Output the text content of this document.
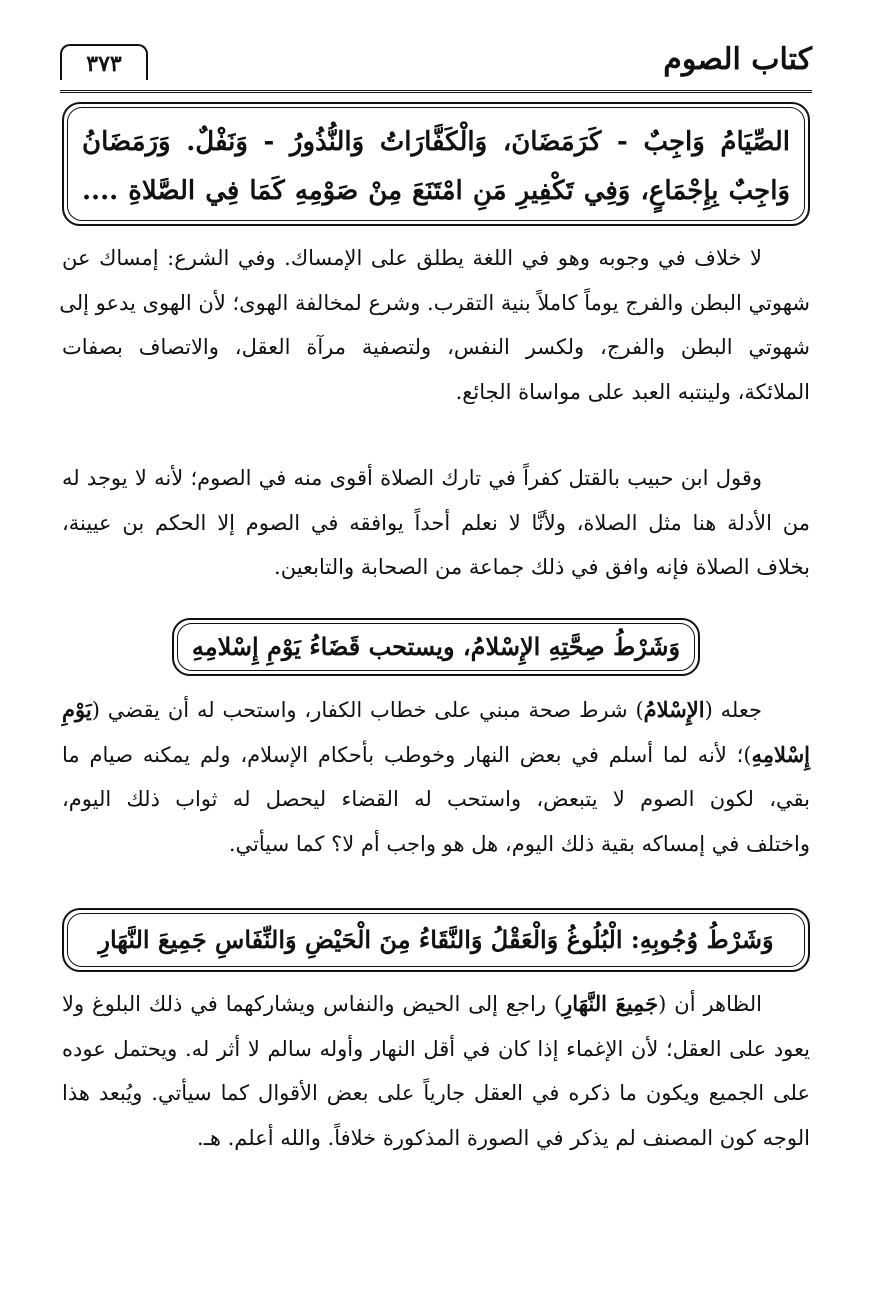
كتاب الصوم
٣٧٣
الصِّيَامُ وَاجِبٌ - كَرَمَضَانَ، وَالْكَفَّارَاتُ وَالنُّذُورُ - وَنَفْلٌ. وَرَمَضَانُ
وَاجِبٌ بِإِجْمَاعٍ، وَفِي تَكْفِيرِ مَنِ امْتَنَعَ مِنْ صَوْمِهِ كَمَا فِي الصَّلاةِ ....
لا خلاف في وجوبه وهو في اللغة يطلق على الإمساك. وفي الشرع: إمساك عن
شهوتي البطن والفرج يوماً كاملاً بنية التقرب. وشرع لمخالفة الهوى؛ لأن الهوى يدعو إلى
شهوتي البطن والفرج، ولكسر النفس، ولتصفية مرآة العقل، والاتصاف بصفات
الملائكة، ولينتبه العبد على مواساة الجائع.
وقول ابن حبيب بالقتل كفراً في تارك الصلاة أقوى منه في الصوم؛ لأنه لا يوجد له
من الأدلة هنا مثل الصلاة، ولأنَّا لا نعلم أحداً يوافقه في الصوم إلا الحكم بن عيينة،
بخلاف الصلاة فإنه وافق في ذلك جماعة من الصحابة والتابعين.
وَشَرْطُ صِحَّتِهِ الإِسْلامُ، ويستحب قَضَاءُ يَوْمِ إِسْلامِهِ
جعله (الإِسْلامُ) شرط صحة مبني على خطاب الكفار، واستحب له أن يقضي (يَوْمِ
إِسْلامِهِ)؛ لأنه لما أسلم في بعض النهار وخوطب بأحكام الإسلام، ولم يمكنه صيام ما
بقي، لكون الصوم لا يتبعض، واستحب له القضاء ليحصل له ثواب ذلك اليوم،
واختلف في إمساكه بقية ذلك اليوم، هل هو واجب أم لا؟ كما سيأتي.
وَشَرْطُ وُجُوبِهِ: الْبُلُوغُ وَالْعَقْلُ وَالنَّقَاءُ مِنَ الْحَيْضِ وَالنِّفَاسِ جَمِيعَ النَّهَارِ
الظاهر أن (جَمِيعَ النَّهَارِ) راجع إلى الحيض والنفاس ويشاركهما في ذلك البلوغ ولا
يعود على العقل؛ لأن الإغماء إذا كان في أقل النهار وأوله سالم لا أثر له. ويحتمل عوده
على الجميع ويكون ما ذكره في العقل جارياً على بعض الأقوال كما سيأتي. ويُبعد هذا
الوجه كون المصنف لم يذكر في الصورة المذكورة خلافاً. والله أعلم. هـ.
